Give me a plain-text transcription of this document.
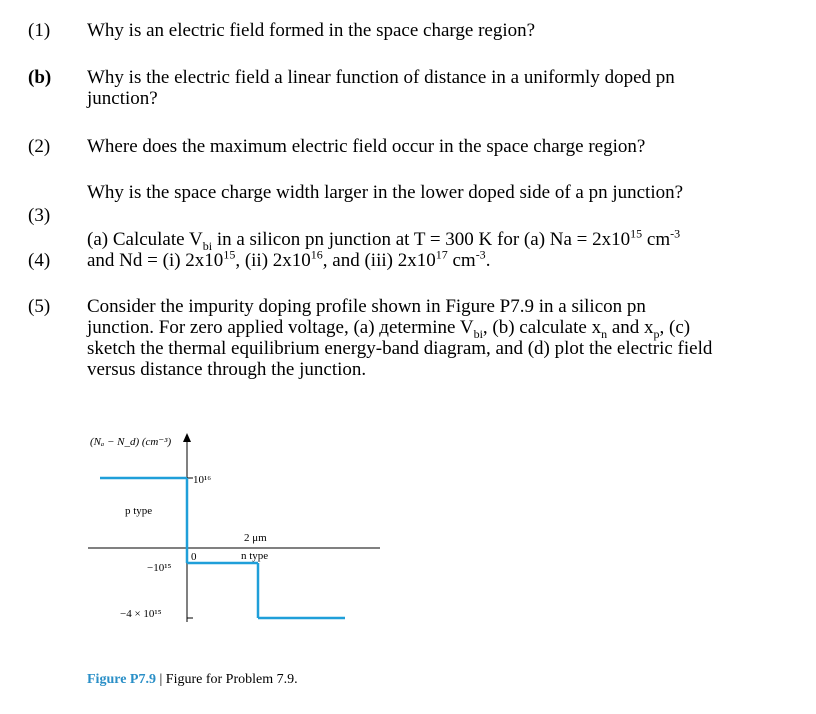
(1)
(b)
(2)
(3)
(4)
(5)
Why is an electric field formed in the space charge region?
Why is the electric field a linear function of distance in a uniformly doped pn
junction?
Where does the maximum electric field occur in the space charge region?
Why is the space charge width larger in the lower doped side of a pn junction?
(a) Calculate $V_{bi}$ in a silicon pn junction at T = 300 K for (a) $Na = 2x10^{15}$ $cm^{-3}$
and Nd = (i) $2x10^{15}$, (ii) $2x10^{16}$, and (iii) $2x10^{17}$ $cm^{-3}$.
Consider the impurity doping profile shown in Figure P7.9 in a silicon pn
junction. For zero applied voltage, (a) деtermine $V_{bi}$, (b) calculate $x_n$ and $x_p$, (c)
sketch the thermal equilibrium energy-band diagram, and (d) plot the electric field
versus distance through the junction.
(Nₐ − N_d) (cm⁻³)
10¹⁶
p type
2 μm
n type
0
−10¹⁵
−4 × 10¹⁵
Figure P7.9 | Figure for Problem 7.9.
